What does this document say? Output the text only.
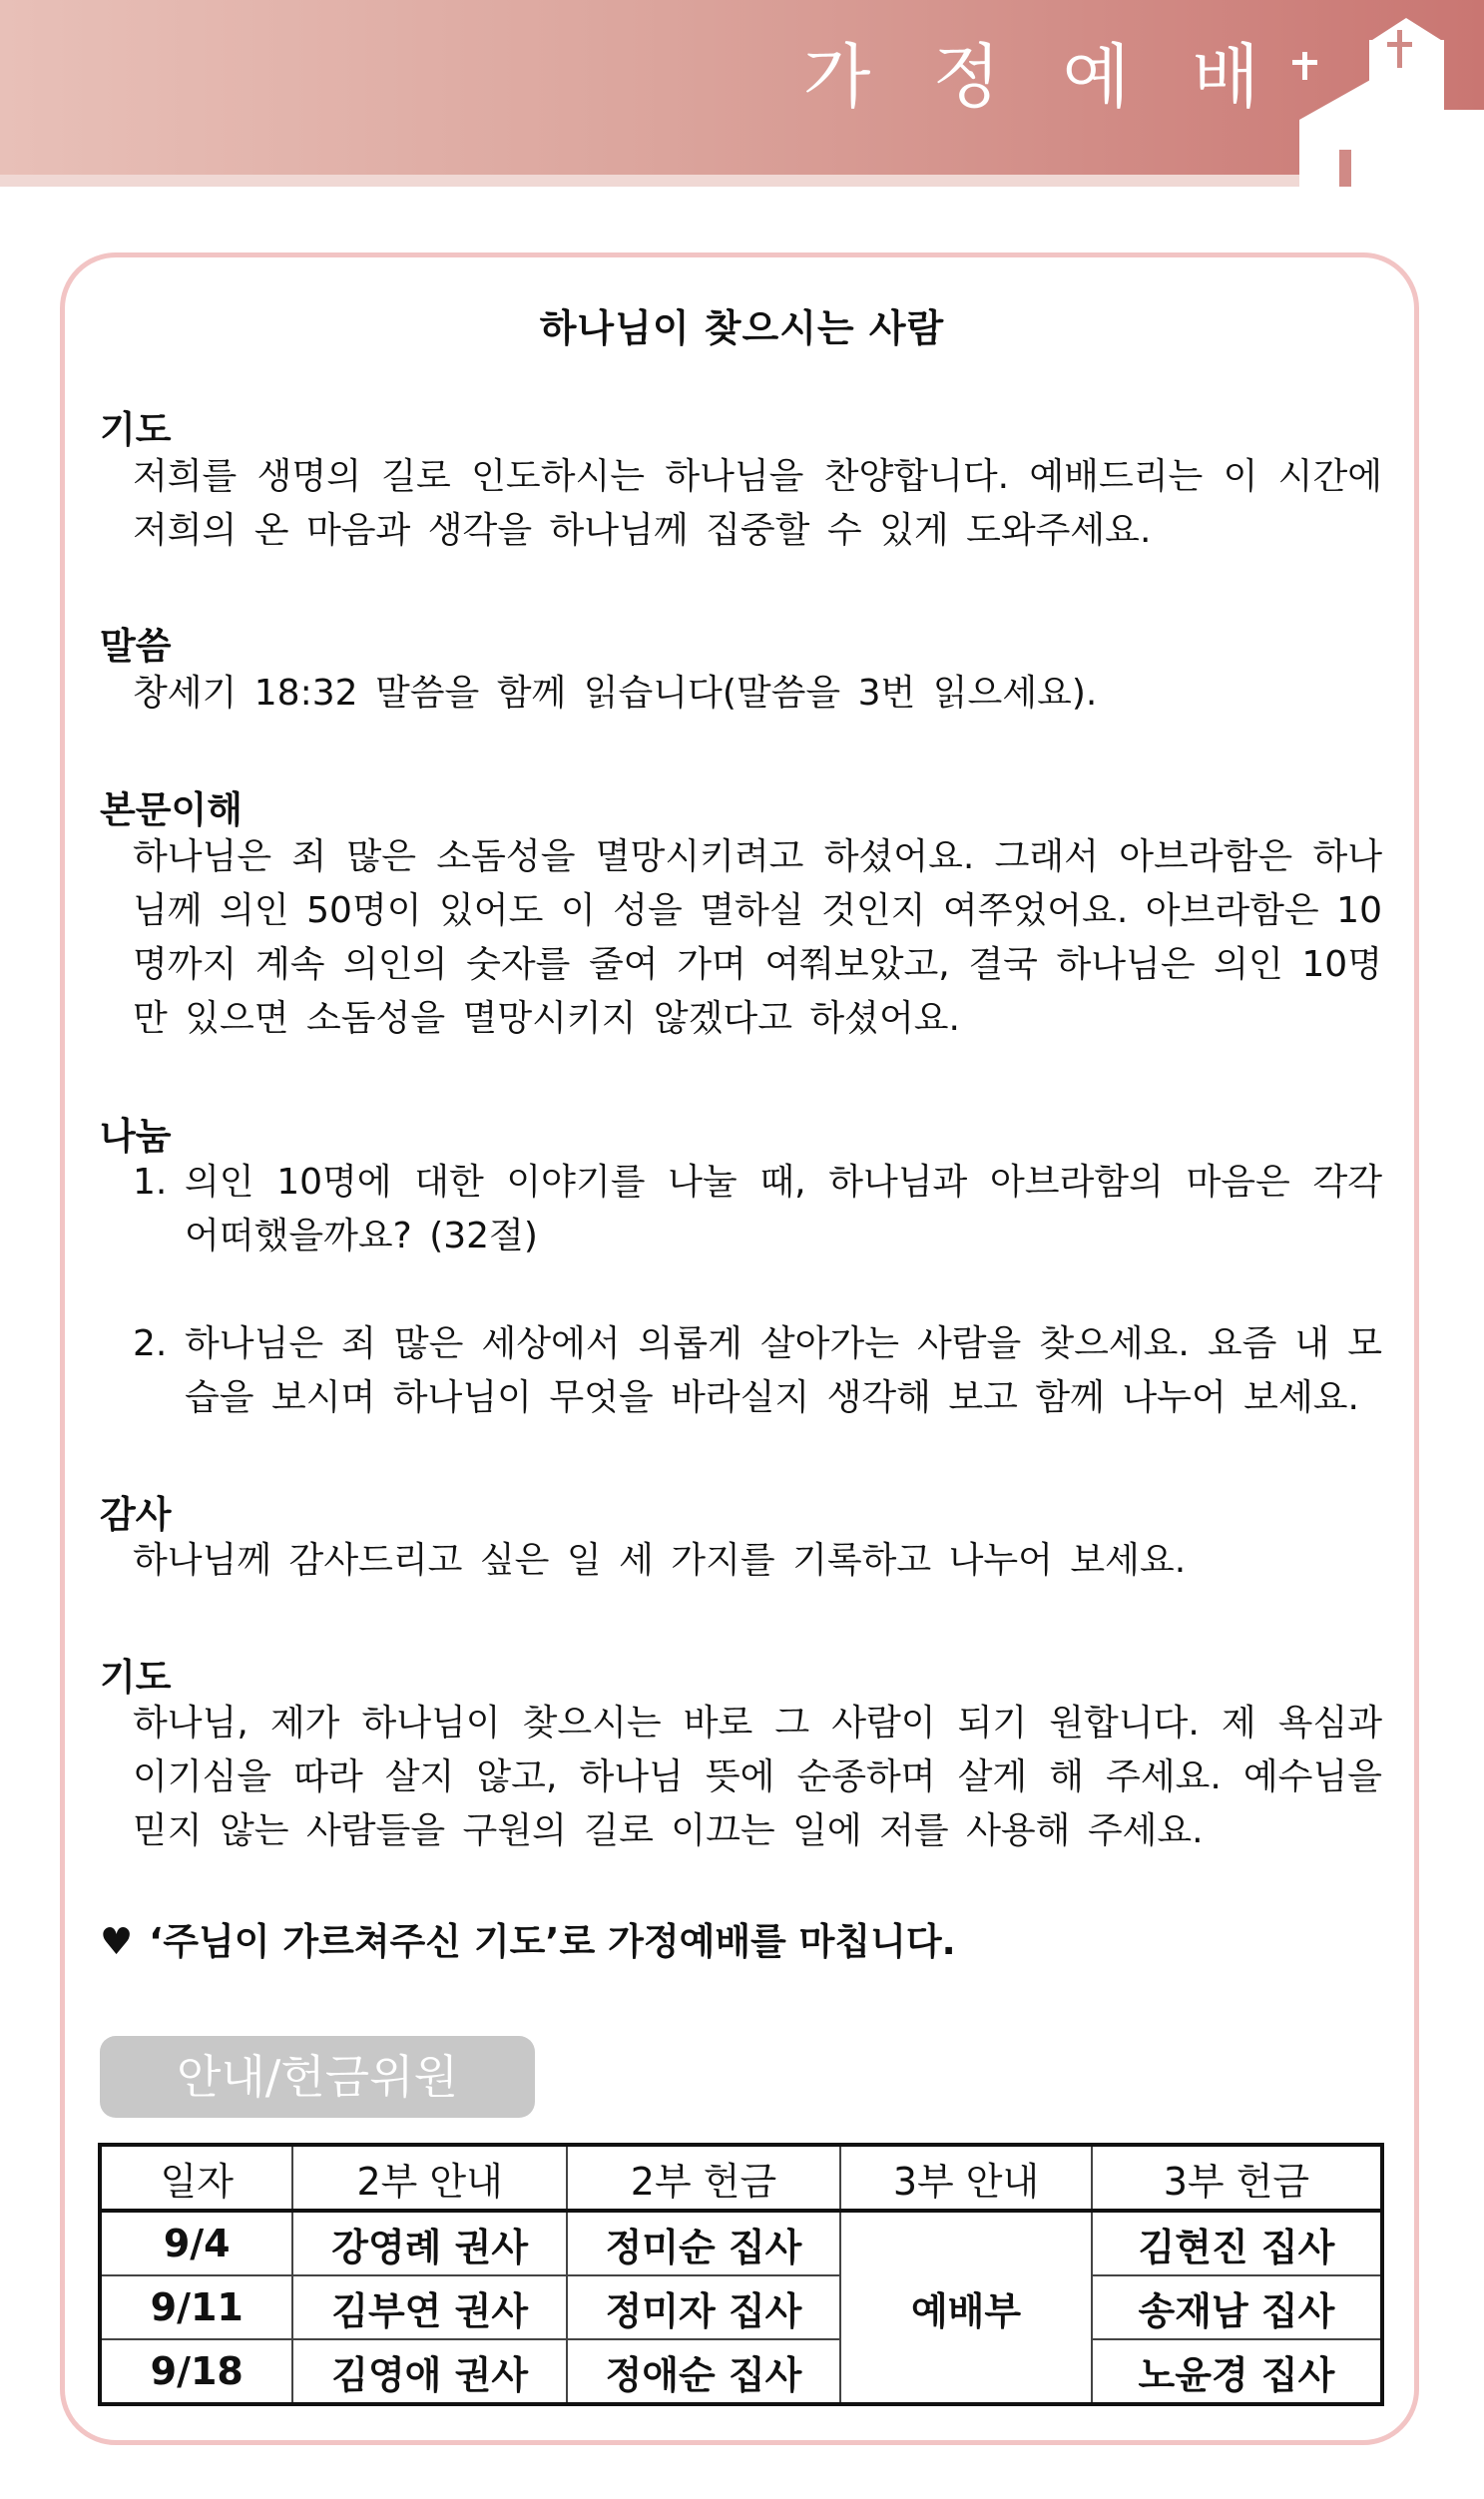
가 정 예 배
하나님이 찾으시는 사람
기도
저희를 생명의 길로 인도하시는 하나님을 찬양합니다. 예배드리는 이 시간에 저희의 온 마음과 생각을 하나님께 집중할 수 있게 도와주세요.
말씀
창세기 18:32 말씀을 함께 읽습니다(말씀을 3번 읽으세요).
본문이해
하나님은 죄 많은 소돔성을 멸망시키려고 하셨어요. 그래서 아브라함은 하나님께 의인 50명이 있어도 이 성을 멸하실 것인지 여쭈었어요. 아브라함은 10명까지 계속 의인의 숫자를 줄여 가며 여쭤보았고, 결국 하나님은 의인 10명만 있으면 소돔성을 멸망시키지 않겠다고 하셨어요.
나눔
1. 의인 10명에 대한 이야기를 나눌 때, 하나님과 아브라함의 마음은 각각 어떠했을까요? (32절)
2. 하나님은 죄 많은 세상에서 의롭게 살아가는 사람을 찾으세요. 요즘 내 모습을 보시며 하나님이 무엇을 바라실지 생각해 보고 함께 나누어 보세요.
감사
하나님께 감사드리고 싶은 일 세 가지를 기록하고 나누어 보세요.
기도
하나님, 제가 하나님이 찾으시는 바로 그 사람이 되기 원합니다. 제 욕심과 이기심을 따라 살지 않고, 하나님 뜻에 순종하며 살게 해 주세요. 예수님을 믿지 않는 사람들을 구원의 길로 이끄는 일에 저를 사용해 주세요.
♥ ‘주님이 가르쳐주신 기도’로 가정예배를 마칩니다.
안내/헌금위원
일자	2부 안내	2부 헌금	3부 안내	3부 헌금
9/4	강영례 권사	정미순 집사	예배부	김현진 집사
9/11	김부연 권사	정미자 집사		송재남 집사
9/18	김영애 권사	정애순 집사		노윤경 집사
